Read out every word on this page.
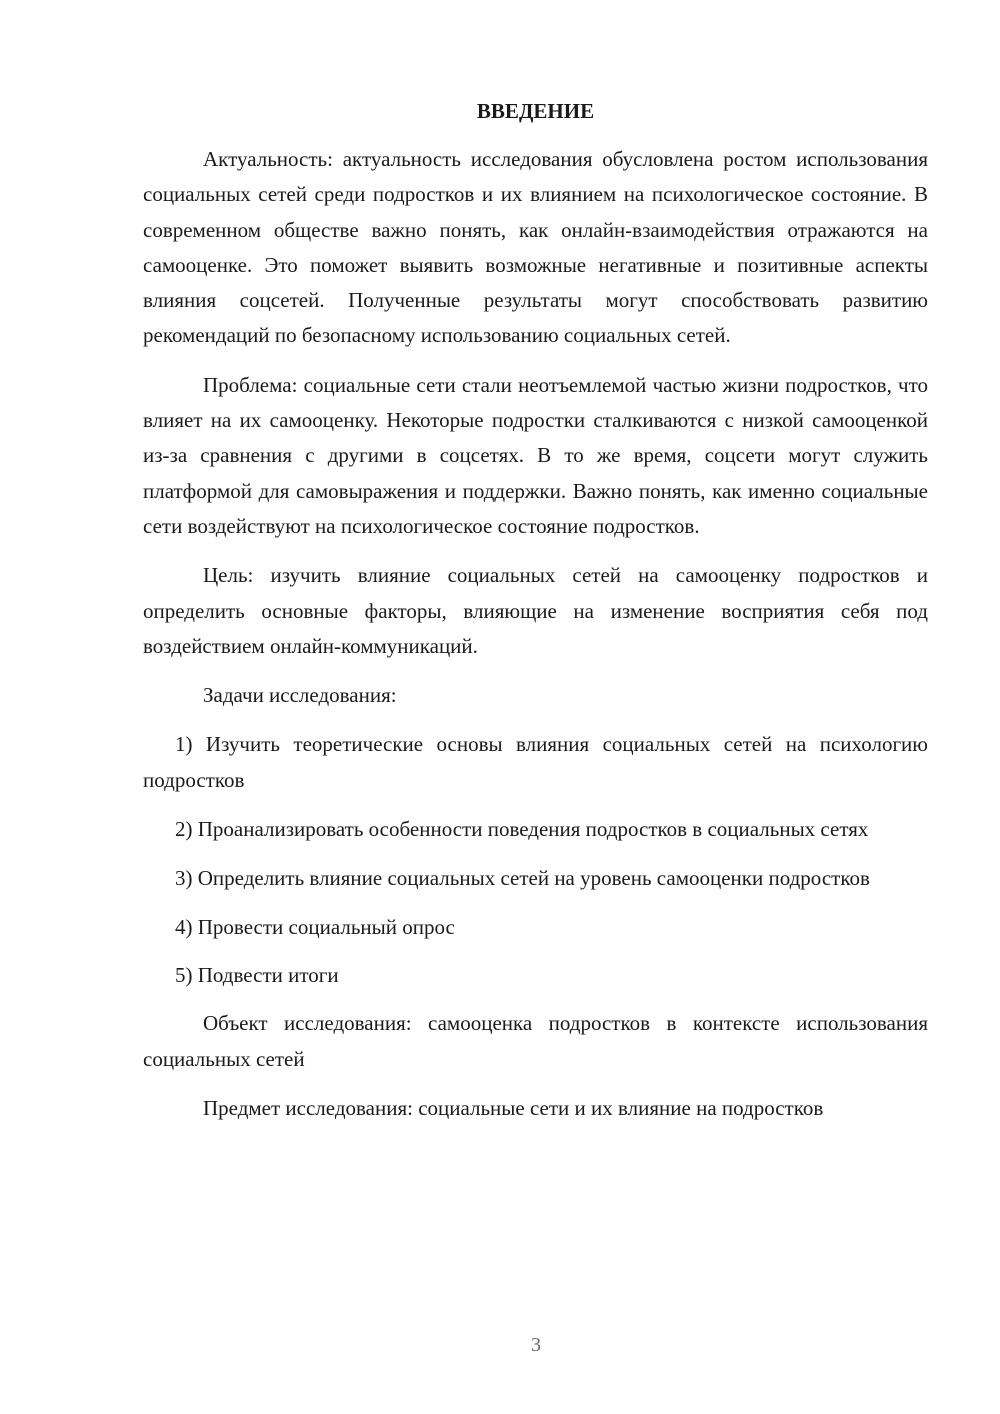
ВВЕДЕНИЕ

Актуальность: актуальность исследования обусловлена ростом использования социальных сетей среди подростков и их влиянием на психологическое состояние. В современном обществе важно понять, как онлайн-взаимодействия отражаются на самооценке. Это поможет выявить возможные негативные и позитивные аспекты влияния соцсетей. Полученные результаты могут способствовать развитию рекомендаций по безопасному использованию социальных сетей.

Проблема: социальные сети стали неотъемлемой частью жизни подростков, что влияет на их самооценку. Некоторые подростки сталкиваются с низкой самооценкой из-за сравнения с другими в соцсетях. В то же время, соцсети могут служить платформой для самовыражения и поддержки. Важно понять, как именно социальные сети воздействуют на психологическое состояние подростков.

Цель: изучить влияние социальных сетей на самооценку подростков и определить основные факторы, влияющие на изменение восприятия себя под воздействием онлайн-коммуникаций.

Задачи исследования:

1) Изучить теоретические основы влияния социальных сетей на психологию подростков

2) Проанализировать особенности поведения подростков в социальных сетях

3) Определить влияние социальных сетей на уровень самооценки подростков

4) Провести социальный опрос

5) Подвести итоги

Объект исследования: самооценка подростков в контексте использования социальных сетей

Предмет исследования: социальные сети и их влияние на подростков

3
